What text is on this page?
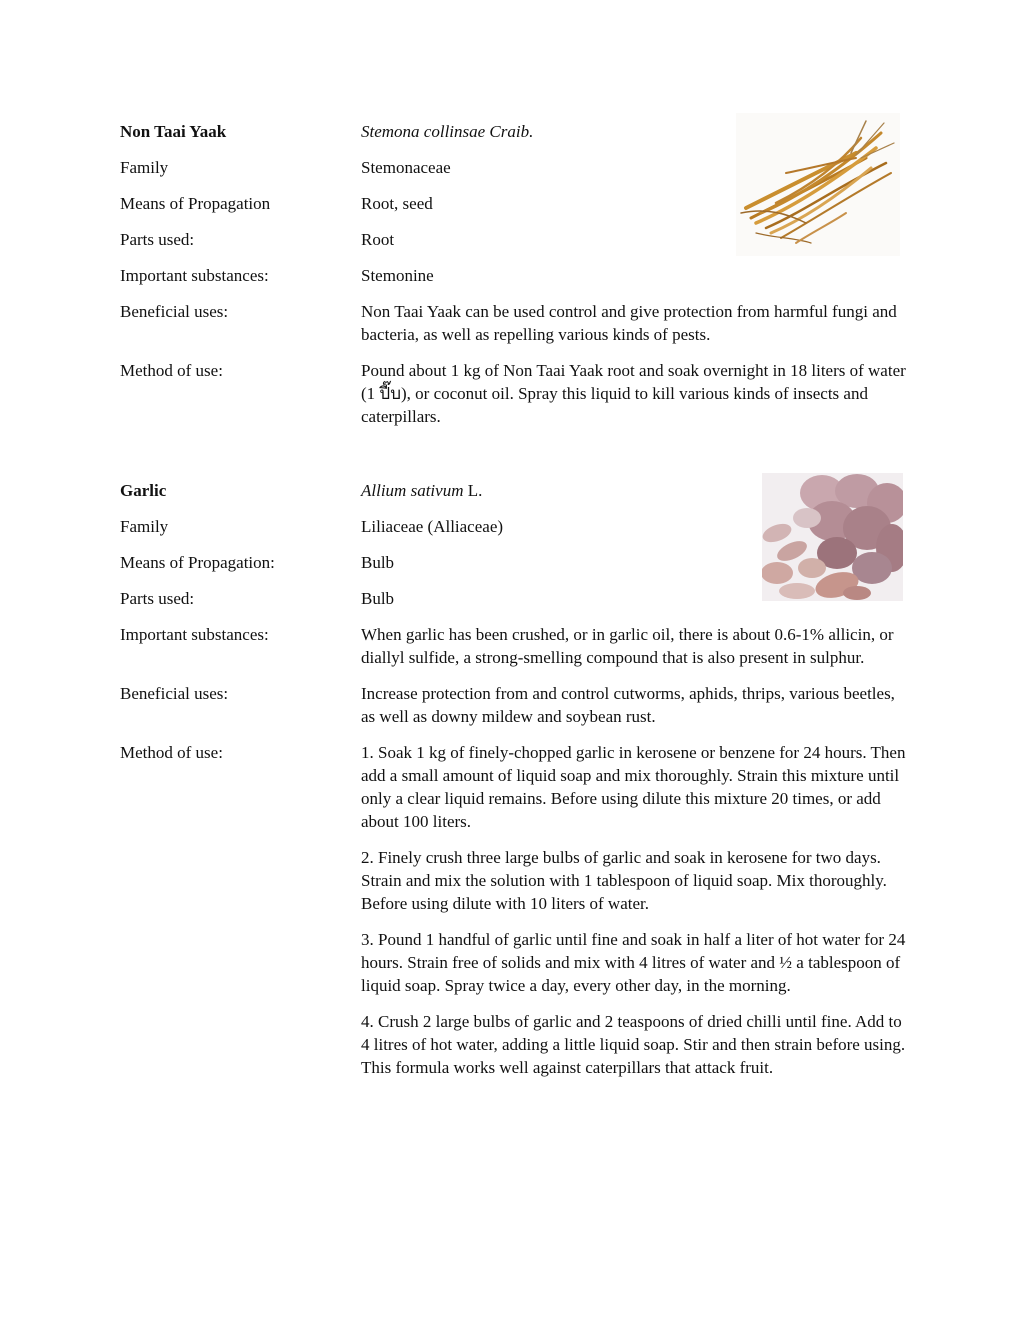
Non Taai Yaak	Stemona collinsae Craib.
Family	Stemonaceae
Means of Propagation	Root, seed
Parts used:	Root
Important substances:	Stemonine
Beneficial uses:	Non Taai Yaak can be used control and give protection from harmful fungi and bacteria, as well as repelling various kinds of pests.
Method of use:	Pound about 1 kg of Non Taai Yaak root and soak overnight in 18 liters of water (1 ปี๊บ), or coconut oil. Spray this liquid to kill various kinds of insects and caterpillars.
Garlic	Allium sativum L.
Family	Liliaceae (Alliaceae)
Means of Propagation:	Bulb
Parts used:	Bulb
Important substances:	When garlic has been crushed, or in garlic oil, there is about 0.6-1% allicin, or diallyl sulfide, a strong-smelling compound that is also present in sulphur.
Beneficial uses:	Increase protection from and control cutworms, aphids, thrips, various beetles, as well as downy mildew and soybean rust.
Method of use:	1. Soak 1 kg of finely-chopped garlic in kerosene or benzene for 24 hours. Then add a small amount of liquid soap and mix thoroughly. Strain this mixture until only a clear liquid remains. Before using dilute this mixture 20 times, or add about 100 liters.
2. Finely crush three large bulbs of garlic and soak in kerosene for two days. Strain and mix the solution with 1 tablespoon of liquid soap. Mix thoroughly. Before using dilute with 10 liters of water.
3. Pound 1 handful of garlic until fine and soak in half a liter of hot water for 24 hours. Strain free of solids and mix with 4 litres of water and ½ a tablespoon of liquid soap. Spray twice a day, every other day, in the morning.
4. Crush 2 large bulbs of garlic and 2 teaspoons of dried chilli until fine. Add to 4 litres of hot water, adding a little liquid soap. Stir and then strain before using. This formula works well against caterpillars that attack fruit.
